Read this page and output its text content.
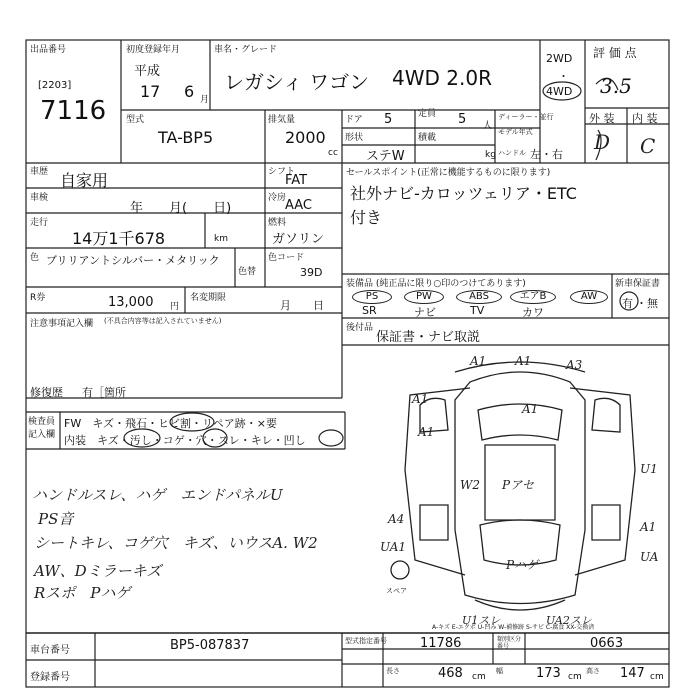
出品番号
[2203]
7116
初度登録年月
平成
17 6 月
車名・グレード
レガシィ ワゴン 4WD 2.0R
2WD
・
4WD
評 価 点
3.5
型式
TA-BP5
排気量
2000
cc
ドア 5	定員 5 人
ディーラー・並行
形状
ステW
積載
kg
モデル年式
ハンドル 左・右
外 装 内 装
D C
車歴 自家用	シフト
FAT
車検
年　　月(　　日)
冷房
AAC
走行
14万1千678	km
燃料
ガソリン
色 ブリリアントシルバー・メタリック
色替
色コード
39D
R券	13,000 円
名変期限
月　　日
注意事項記入欄 (不具合内容等は記入されていません)
修復歴 有［箇所
セールスポイント(正常に機能するものに限ります)
社外ナビ-カロッツェリア・ETC
付き
装備品 (純正品に限り○印のつけてあります)	新車保証書
有 ・無
PS	PW	ABS	エアB	AW
SR	ナビ	TV	カワ
後付品
保証書・ナビ取説
検査員記入欄
FW　キズ・飛石・ヒビ割・リペア跡・×要
内装　キズ・汚し・コゲ・穴・スレ・キレ・凹し
ハンドルスレ、ハゲ　エンドパネルU
PS音
シートキレ、コゲ穴　キズ、いウスA. W2
AW、Dミラーキズ
Rスポ　Pハゲ
A1 A1	A3
A1
A1
A1
W2 Pアセ
U1
A4
A1
UA1
Pハゲ
UA
UA2スレ
U1スレ
スペア
A-キズ E-エクボ U-凹み W-補修跡 S-サビ C-腐食 XX-交換済
車台番号	BP5-087837
登録番号
型式指定番号	11786	類別区分番号	0663
長さ	468 cm
幅	173 cm
高さ 147 cm
